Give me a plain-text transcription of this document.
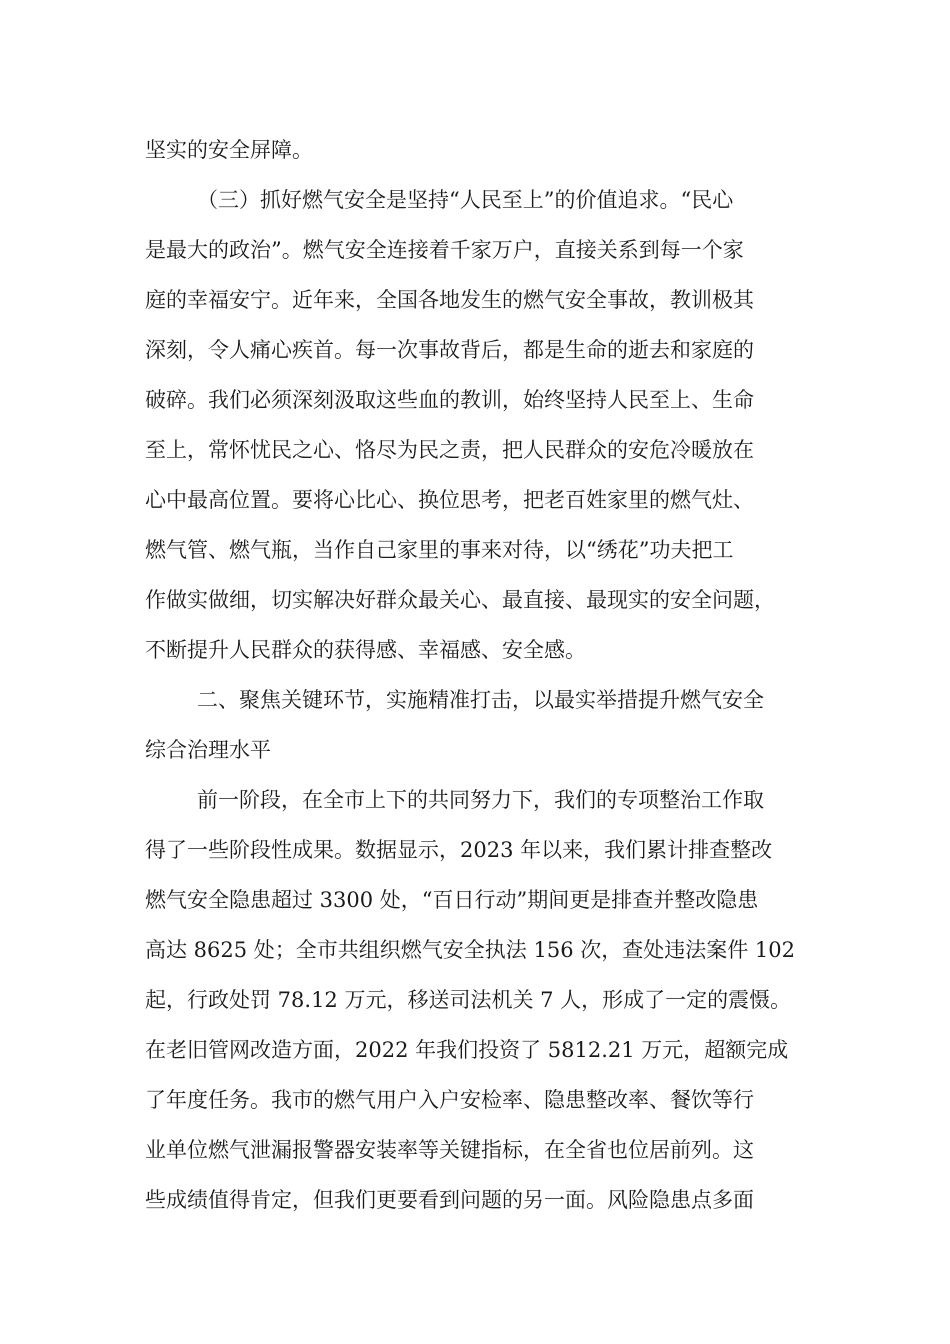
坚实的安全屏障。
（三）抓好燃气安全是坚持“人民至上”的价值追求。“民心
是最大的政治”。燃气安全连接着千家万户，直接关系到每一个家
庭的幸福安宁。近年来，全国各地发生的燃气安全事故，教训极其
深刻，令人痛心疾首。每一次事故背后，都是生命的逝去和家庭的
破碎。我们必须深刻汲取这些血的教训，始终坚持人民至上、生命
至上，常怀忧民之心、恪尽为民之责，把人民群众的安危冷暖放在
心中最高位置。要将心比心、换位思考，把老百姓家里的燃气灶、
燃气管、燃气瓶，当作自己家里的事来对待，以“绣花”功夫把工
作做实做细，切实解决好群众最关心、最直接、最现实的安全问题，
不断提升人民群众的获得感、幸福感、安全感。
二、聚焦关键环节，实施精准打击，以最实举措提升燃气安全
综合治理水平
前一阶段，在全市上下的共同努力下，我们的专项整治工作取
得了一些阶段性成果。数据显示，2023 年以来，我们累计排查整改
燃气安全隐患超过 3300 处，“百日行动”期间更是排查并整改隐患
高达 8625 处；全市共组织燃气安全执法 156 次，查处违法案件 102
起，行政处罚 78.12 万元，移送司法机关 7 人，形成了一定的震慑。
在老旧管网改造方面，2022 年我们投资了 5812.21 万元，超额完成
了年度任务。我市的燃气用户入户安检率、隐患整改率、餐饮等行
业单位燃气泄漏报警器安装率等关键指标，在全省也位居前列。这
些成绩值得肯定，但我们更要看到问题的另一面。风险隐患点多面
